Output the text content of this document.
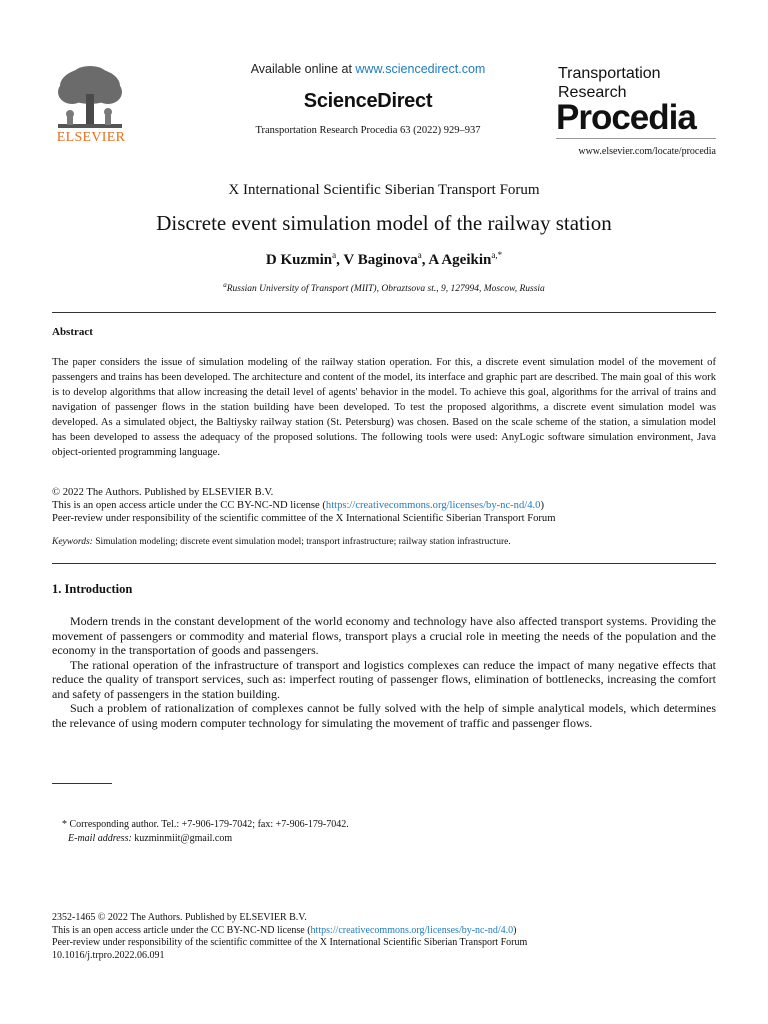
ELSEVIER
Available online at www.sciencedirect.com
ScienceDirect
Transportation Research Procedia 63 (2022) 929–937
Transportation
Research
Procedia
www.elsevier.com/locate/procedia
X International Scientific Siberian Transport Forum
Discrete event simulation model of the railway station
D Kuzmin$^a$, V Baginova$^a$, A Ageikin$^{a,*}$
$^a$Russian University of Transport (MIIT), Obraztsova st., 9, 127994, Moscow, Russia
Abstract
The paper considers the issue of simulation modeling of the railway station operation. For this, a discrete event simulation model of the movement of passengers and trains has been developed. The architecture and content of the model, its interface and graphic part are described. The main goal of this work is to develop algorithms that allow increasing the detail level of agents' behavior in the model. To achieve this goal, algorithms for the arrival of trains and navigation of passenger flows in the station building have been developed. To test the proposed algorithms, a discrete event simulation model was developed. As a simulated object, the Baltiysky railway station (St. Petersburg) was chosen. Based on the scale scheme of the station, a simulation model has been developed to assess the adequacy of the proposed solutions. The following tools were used: AnyLogic software simulation environment, Java object-oriented programming language.
© 2022 The Authors. Published by ELSEVIER B.V.
This is an open access article under the CC BY-NC-ND license (https://creativecommons.org/licenses/by-nc-nd/4.0)
Peer-review under responsibility of the scientific committee of the X International Scientific Siberian Transport Forum
Keywords: Simulation modeling; discrete event simulation model; transport infrastructure; railway station infrastructure.
1. Introduction

Modern trends in the constant development of the world economy and technology have also affected transport systems. Providing the movement of passengers or commodity and material flows, transport plays a crucial role in meeting the needs of the population and the economy in the transportation of goods and passengers.

The rational operation of the infrastructure of transport and logistics complexes can reduce the impact of many negative effects that reduce the quality of transport services, such as: imperfect routing of passenger flows, elimination of bottlenecks, increasing the comfort and safety of passengers in the station building.

Such a problem of rationalization of complexes cannot be fully solved with the help of simple analytical models, which determines the relevance of using modern computer technology for simulating the movement of traffic and passenger flows.

* Corresponding author. Tel.: +7-906-179-7042; fax: +7-906-179-7042.
E-mail address: kuzminmiit@gmail.com
2352-1465 © 2022 The Authors. Published by ELSEVIER B.V.
This is an open access article under the CC BY-NC-ND license (https://creativecommons.org/licenses/by-nc-nd/4.0)
Peer-review under responsibility of the scientific committee of the X International Scientific Siberian Transport Forum
10.1016/j.trpro.2022.06.091
